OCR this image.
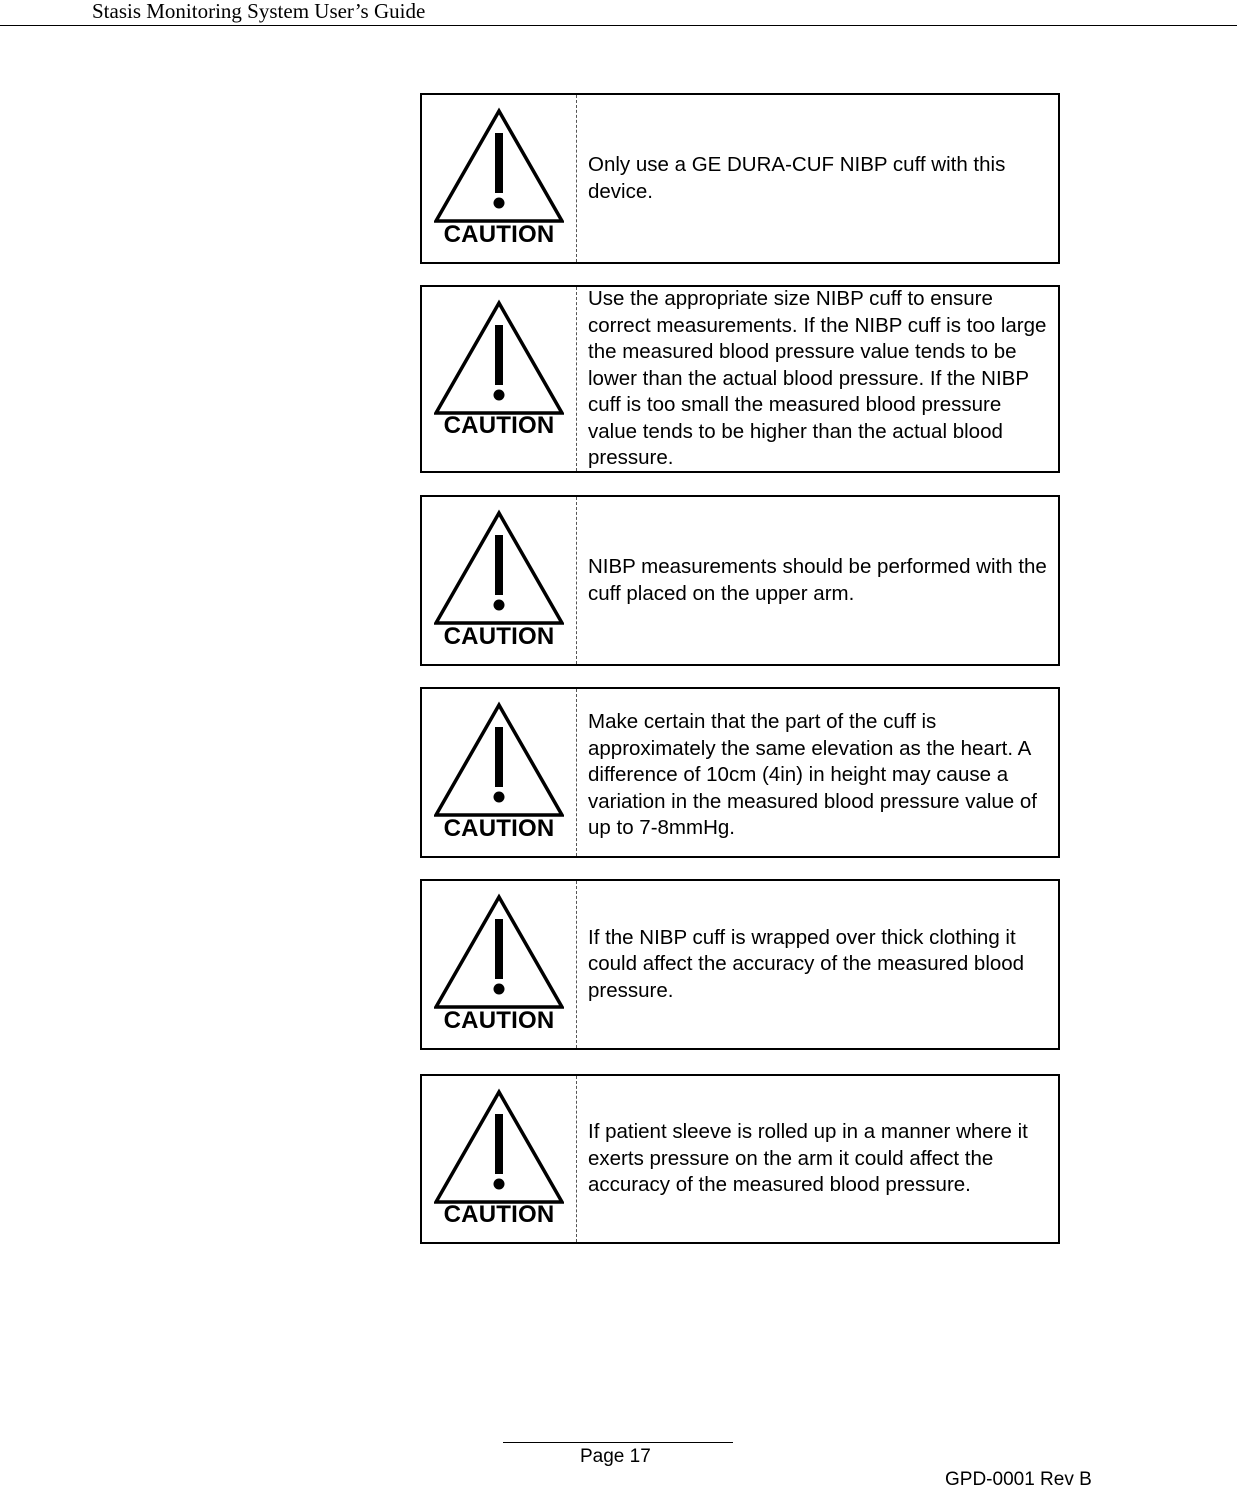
Stasis Monitoring System User’s Guide
CAUTION
Only use a GE DURA-CUF NIBP cuff with this device.
CAUTION
Use the appropriate size NIBP cuff to ensure correct measurements. If the NIBP cuff is too large the measured blood pressure value tends to be lower than the actual blood pressure. If the NIBP cuff is too small the measured blood pressure value tends to be higher than the actual blood pressure.
CAUTION
NIBP measurements should be performed with the cuff placed on the upper arm.
CAUTION
Make certain that the part of the cuff is approximately the same elevation as the heart. A difference of 10cm (4in) in height may cause a variation in the measured blood pressure value of up to 7-8mmHg.
CAUTION
If the NIBP cuff is wrapped over thick clothing it could affect the accuracy of the measured blood pressure.
CAUTION
If patient sleeve is rolled up in a manner where it exerts pressure on the arm it could affect the accuracy of the measured blood pressure.
Page 17
GPD-0001 Rev B
